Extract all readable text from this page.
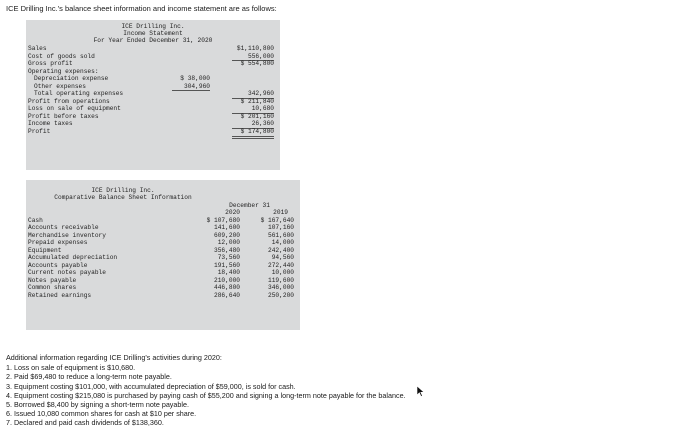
ICE Drilling Inc.'s balance sheet information and income statement are as follows:
ICE Drilling Inc.
Income Statement
For Year Ended December 31, 2020
Sales	$1,110,800
Cost of goods sold	556,000
Gross profit	$ 554,800
Operating expenses:
Depreciation expense	$ 38,000
Other expenses	304,960
Total operating expenses	342,960
Profit from operations	$ 211,840
Loss on sale of equipment	10,680
Profit before taxes	$ 201,160
Income taxes	26,360
Profit	$ 174,800
ICE Drilling Inc.
Comparative Balance Sheet Information
December 31
2020	2019
Cash	$ 107,680	$ 167,640
Accounts receivable	141,600	107,160
Merchandise inventory	609,200	561,600
Prepaid expenses	12,000	14,000
Equipment	356,480	242,400
Accumulated depreciation	73,560	94,560
Accounts payable	191,560	272,440
Current notes payable	18,400	10,000
Notes payable	210,000	119,600
Common shares	446,800	346,000
Retained earnings	286,640	250,200
Additional information regarding ICE Drilling's activities during 2020:
1. Loss on sale of equipment is $10,680.
2. Paid $69,480 to reduce a long-term note payable.
3. Equipment costing $101,000, with accumulated depreciation of $59,000, is sold for cash.
4. Equipment costing $215,080 is purchased by paying cash of $55,200 and signing a long-term note payable for the balance.
5. Borrowed $8,400 by signing a short-term note payable.
6. Issued 10,080 common shares for cash at $10 per share.
7. Declared and paid cash dividends of $138,360.
